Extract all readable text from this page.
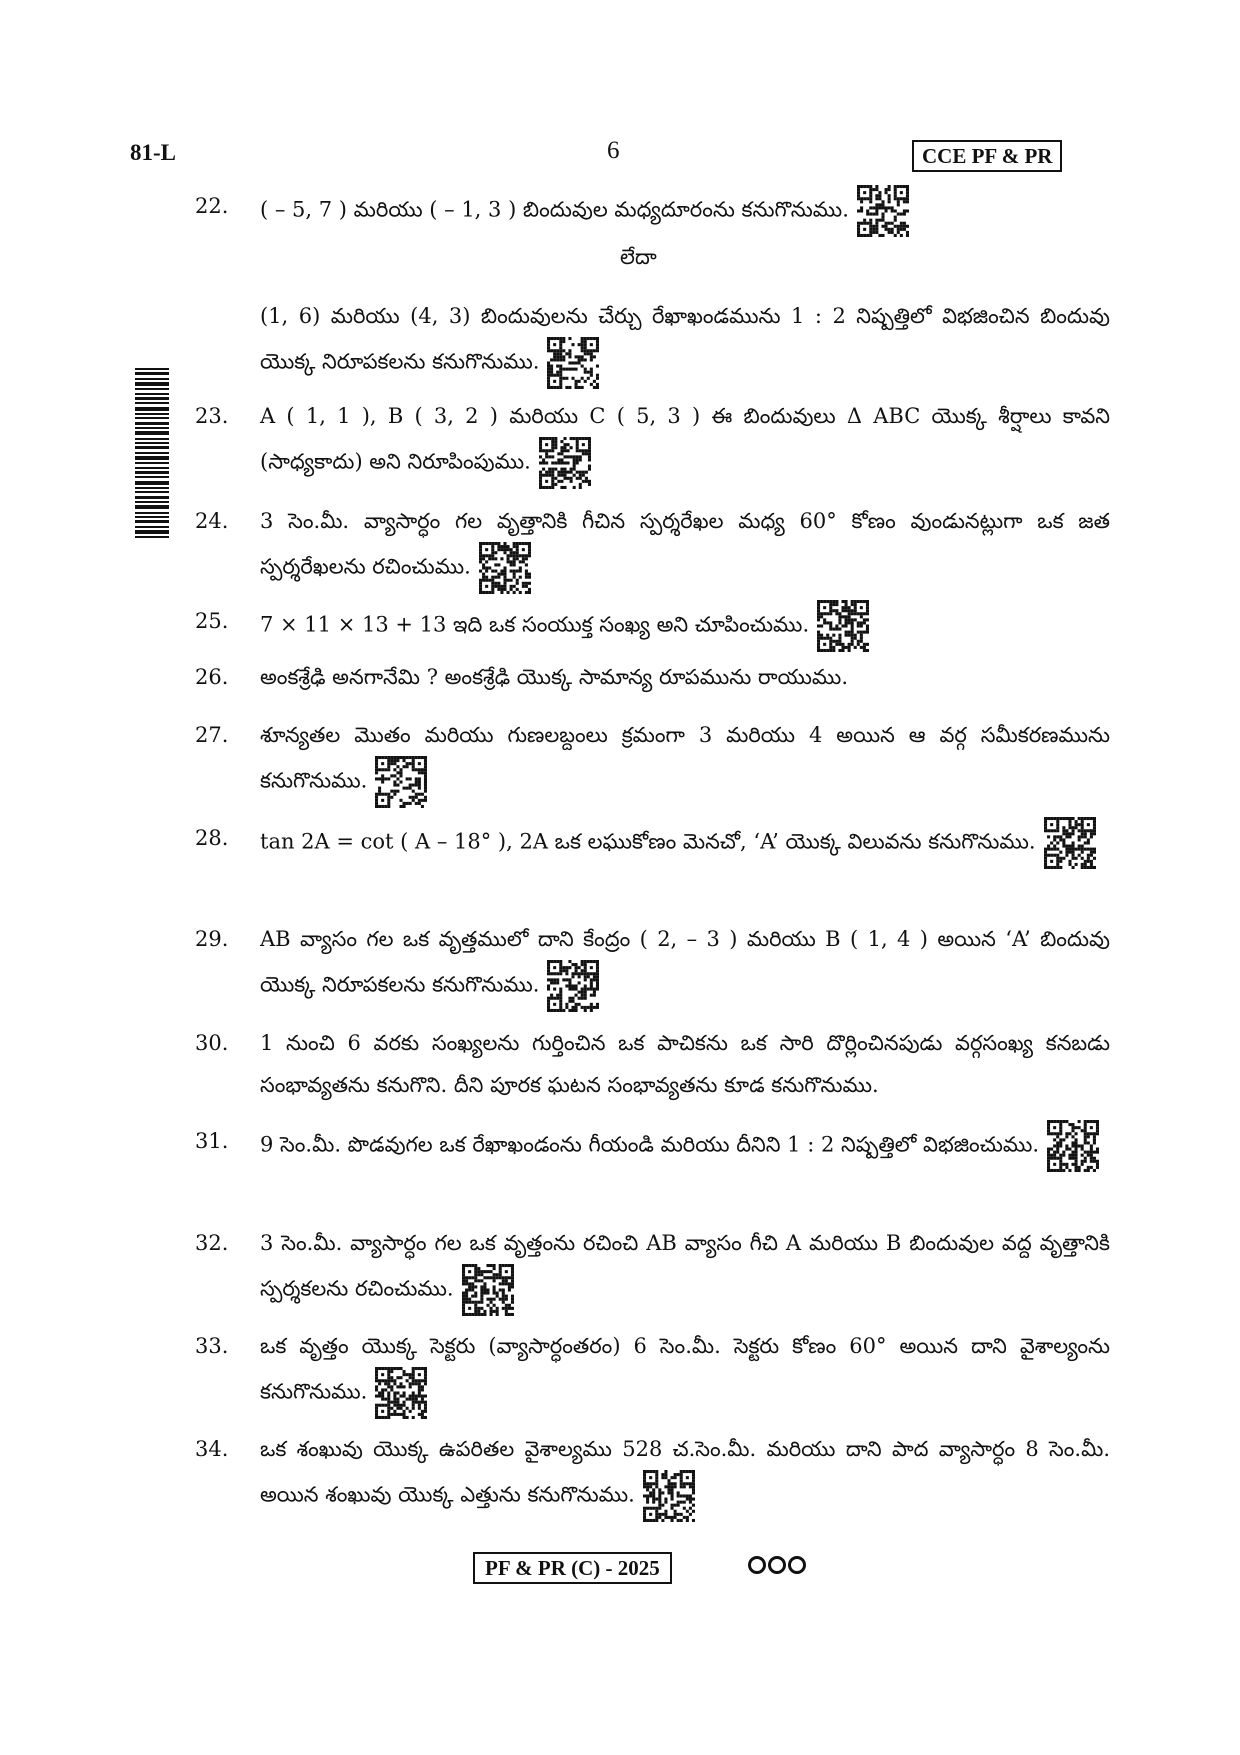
81-L	6	CCE PF & PR
22.	( – 5, 7 ) మరియు ( – 1, 3 ) బిందువుల మధ్యదూరంను కనుగొనుము.
లేదా
(1, 6) మరియు (4, 3) బిందువులను చేర్చు రేఖాఖండమును 1 : 2 నిష్పత్తిలో విభజించిన బిందువు యొక్క నిరూపకలను కనుగొనుము.
23.	A ( 1, 1 ), B ( 3, 2 ) మరియు C ( 5, 3 ) ఈ బిందువులు Δ ABC యొక్క శీర్షాలు కావని (సాధ్యకాదు) అని నిరూపింపుము.
24.	3 సెం.మీ. వ్యాసార్ధం గల వృత్తానికి గీచిన స్పర్శరేఖల మధ్య 60° కోణం వుండునట్లుగా ఒక జత స్పర్శరేఖలను రచించుము.
25.	7 × 11 × 13 + 13 ఇది ఒక సంయుక్త సంఖ్య అని చూపించుము.
26.	అంకశ్రేఢి అనగానేమి ? అంకశ్రేఢి యొక్క సామాన్య రూపమును రాయుము.
27.	శూన్యతల మొతం మరియు గుణలబ్దంలు క్రమంగా 3 మరియు 4 అయిన ఆ వర్గ సమీకరణమును కనుగొనుము.
28.	tan 2A = cot ( A – 18° ), 2A ఒక లఘుకోణం మెనచో, ‘A’ యొక్క విలువను కనుగొనుము.
29.	AB వ్యాసం గల ఒక వృత్తములో దాని కేంద్రం ( 2, – 3 ) మరియు B ( 1, 4 ) అయిన ‘A’ బిందువు యొక్క నిరూపకలను కనుగొనుము.
30.	1 నుంచి 6 వరకు సంఖ్యలను గుర్తించిన ఒక పాచికను ఒక సారి దొర్లించినపుడు వర్గసంఖ్య కనబడు సంభావ్యతను కనుగొని. దీని పూరక ఘటన సంభావ్యతను కూడ కనుగొనుము.
31.	9 సెం.మీ. పొడవుగల ఒక రేఖాఖండంను గీయండి మరియు దీనిని 1 : 2 నిష్పత్తిలో విభజించుము.
32.	3 సెం.మీ. వ్యాసార్ధం గల ఒక వృత్తంను రచించి AB వ్యాసం గీచి A మరియు B బిందువుల వద్ద వృత్తానికి స్పర్శకలను రచించుము.
33.	ఒక వృత్తం యొక్క సెక్టరు (వ్యాసార్ధంతరం) 6 సెం.మీ. సెక్టరు కోణం 60° అయిన దాని వైశాల్యంను కనుగొనుము.
34.	ఒక శంఖువు యొక్క ఉపరితల వైశాల్యము 528 చ.సెం.మీ. మరియు దాని పాద వ్యాసార్ధం 8 సెం.మీ. అయిన శంఖువు యొక్క ఎత్తును కనుగొనుము.
PF & PR (C) - 2025
